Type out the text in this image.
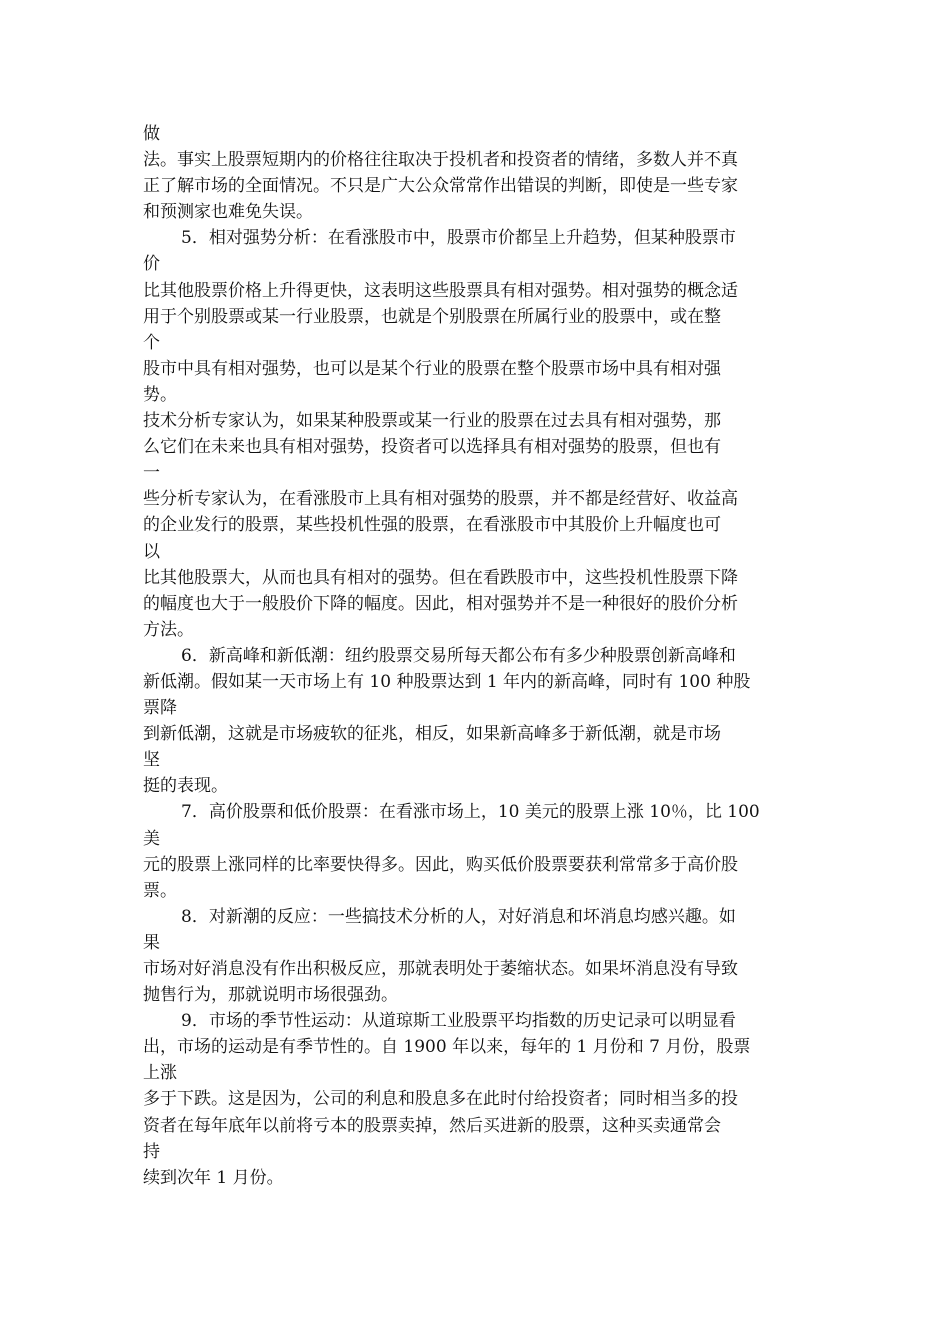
做
法。事实上股票短期内的价格往往取决于投机者和投资者的情绪，多数人并不真
正了解市场的全面情况。不只是广大公众常常作出错误的判断，即使是一些专家
和预测家也难免失误。
5．相对强势分析：在看涨股市中，股票市价都呈上升趋势，但某种股票市
价
比其他股票价格上升得更快，这表明这些股票具有相对强势。相对强势的概念适
用于个别股票或某一行业股票，也就是个别股票在所属行业的股票中，或在整
个
股市中具有相对强势，也可以是某个行业的股票在整个股票市场中具有相对强
势。
技术分析专家认为，如果某种股票或某一行业的股票在过去具有相对强势，那
么它们在未来也具有相对强势，投资者可以选择具有相对强势的股票，但也有
一
些分析专家认为，在看涨股市上具有相对强势的股票，并不都是经营好、收益高
的企业发行的股票，某些投机性强的股票，在看涨股市中其股价上升幅度也可
以
比其他股票大，从而也具有相对的强势。但在看跌股市中，这些投机性股票下降
的幅度也大于一般股价下降的幅度。因此，相对强势并不是一种很好的股价分析
方法。
6．新高峰和新低潮：纽约股票交易所每天都公布有多少种股票创新高峰和
新低潮。假如某一天市场上有 10 种股票达到 1 年内的新高峰，同时有 100 种股
票降
到新低潮，这就是市场疲软的征兆，相反，如果新高峰多于新低潮，就是市场
坚
挺的表现。
7．高价股票和低价股票：在看涨市场上，10 美元的股票上涨 10％，比 100
美
元的股票上涨同样的比率要快得多。因此，购买低价股票要获利常常多于高价股
票。
8．对新潮的反应：一些搞技术分析的人，对好消息和坏消息均感兴趣。如
果
市场对好消息没有作出积极反应，那就表明处于萎缩状态。如果坏消息没有导致
抛售行为，那就说明市场很强劲。
9．市场的季节性运动：从道琼斯工业股票平均指数的历史记录可以明显看
出，市场的运动是有季节性的。自 1900 年以来，每年的 1 月份和 7 月份，股票
上涨
多于下跌。这是因为，公司的利息和股息多在此时付给投资者；同时相当多的投
资者在每年底年以前将亏本的股票卖掉，然后买进新的股票，这种买卖通常会
持
续到次年 1 月份。
